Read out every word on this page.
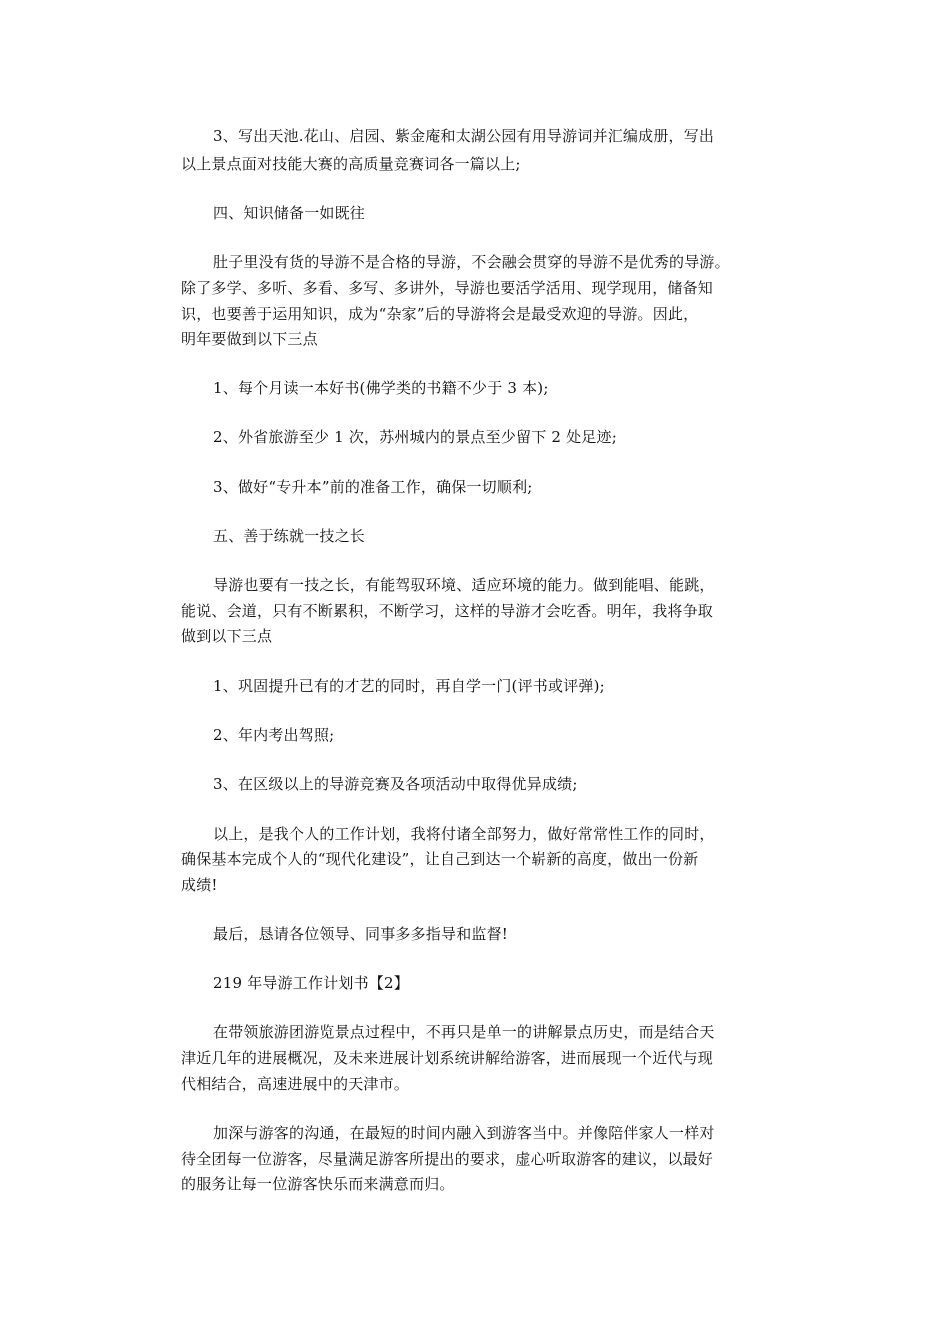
3、写出天池.花山、启园、紫金庵和太湖公园有用导游词并汇编成册，写出
以上景点面对技能大赛的高质量竞赛词各一篇以上;
四、知识储备一如既往
肚子里没有货的导游不是合格的导游，不会融会贯穿的导游不是优秀的导游。
除了多学、多听、多看、多写、多讲外，导游也要活学活用、现学现用，储备知
识，也要善于运用知识，成为“杂家”后的导游将会是最受欢迎的导游。因此，
明年要做到以下三点
1、每个月读一本好书(佛学类的书籍不少于 3 本);
2、外省旅游至少 1 次，苏州城内的景点至少留下 2 处足迹;
3、做好“专升本”前的准备工作，确保一切顺利;
五、善于练就一技之长
导游也要有一技之长，有能驾驭环境、适应环境的能力。做到能唱、能跳，
能说、会道，只有不断累积，不断学习，这样的导游才会吃香。明年，我将争取
做到以下三点
1、巩固提升已有的才艺的同时，再自学一门(评书或评弹);
2、年内考出驾照;
3、在区级以上的导游竞赛及各项活动中取得优异成绩;
以上，是我个人的工作计划，我将付诸全部努力，做好常常性工作的同时，
确保基本完成个人的“现代化建设”，让自己到达一个崭新的高度，做出一份新
成绩!
最后，恳请各位领导、同事多多指导和监督!
219 年导游工作计划书【2】
在带领旅游团游览景点过程中，不再只是单一的讲解景点历史，而是结合天
津近几年的进展概况，及未来进展计划系统讲解给游客，进而展现一个近代与现
代相结合，高速进展中的天津市。
加深与游客的沟通，在最短的时间内融入到游客当中。并像陪伴家人一样对
待全团每一位游客，尽量满足游客所提出的要求，虚心听取游客的建议，以最好
的服务让每一位游客快乐而来满意而归。
